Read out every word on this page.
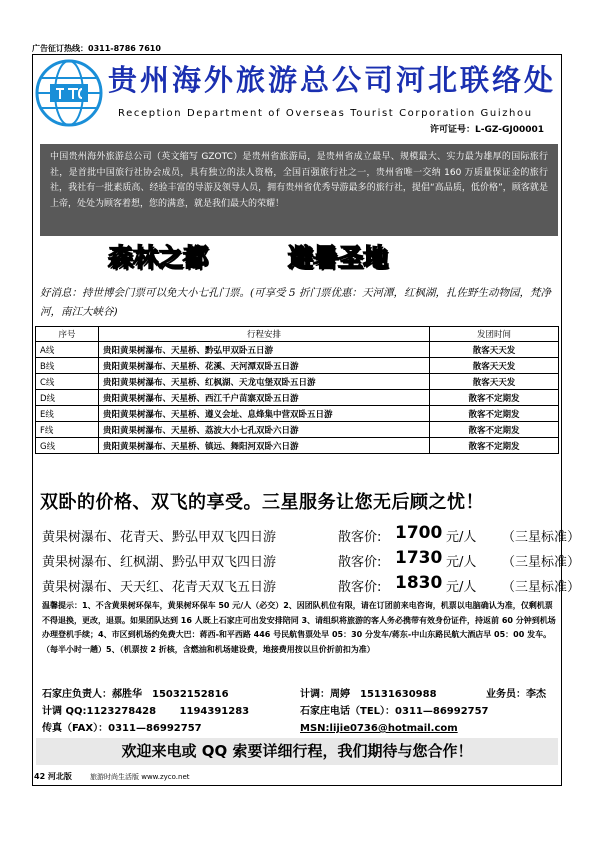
广告征订热线：0311-8786 7610
贵州海外旅游总公司河北联络处
Reception Department of Overseas Tourist Corporation Guizhou
许可证号：L-GZ-GJ00001
中国贵州海外旅游总公司（英文缩写 GZOTC）是贵州省旅游局，是贵州省成立最早、规模最大、实力最为雄厚的国际旅行社，是首批中国旅行社协会成员，具有独立的法人资格，全国百强旅行社之一，贵州省唯一交纳 160 万质量保证金的旅行社，我社有一批素质高、经验丰富的导游及领导人员，拥有贵州省优秀导游最多的旅行社，提倡“高品质，低价格”，顾客就是上帝，处处为顾客着想，您的满意，就是我们最大的荣耀！
森林之都	避暑圣地
好消息：持世博会门票可以免大小七孔门票。(可享受 5 折门票优惠：天河潭，红枫湖，扎佐野生动物园，梵净河，南江大峡谷)
序号	行程安排	发团时间
A线	贵阳黄果树瀑布、天星桥、黔弘甲双卧五日游	散客天天发
B线	贵阳黄果树瀑布、天星桥、花溪、天河潭双卧五日游	散客天天发
C线	贵阳黄果树瀑布、天星桥、红枫湖、天龙屯堡双卧五日游	散客天天发
D线	贵阳黄果树瀑布、天星桥、西江千户苗寨双卧五日游	散客不定期发
E线	贵阳黄果树瀑布、天星桥、遵义会址、息烽集中营双卧五日游	散客不定期发
F线	贵阳黄果树瀑布、天星桥、荔波大小七孔双卧六日游	散客不定期发
G线	贵阳黄果树瀑布、天星桥、镇远、舞阳河双卧六日游	散客不定期发
双卧的价格、双飞的享受。三星服务让您无后顾之忧！
黄果树瀑布、花青天、黔弘甲双飞四日游	散客价: 1700 元/人 （三星标准）
黄果树瀑布、红枫湖、黔弘甲双飞四日游	散客价: 1730 元/人 （三星标准）
黄果树瀑布、天天红、花青天双飞五日游	散客价: 1830 元/人 （三星标准）
温馨提示：1、不含黄果树环保车，黄果树环保车 50 元/人（必交）2、因团队机位有限，请在订团前来电咨询，机票以电脑确认为准，仅剩机票不得退换，更改，退票。如果团队达到 16 人既上石家庄可出发安排陪同 3、请组织将旅游的客人务必携带有效身份证件，持返前 60 分钟到机场办理登机手续；4、市区到机场约免费大巴：蒋西-和平西路 446 号民航售票处早 05：30 分发车/蒋东-中山东路民航大酒店早 05：00 发车。（每半小时一趟）5、（机票按 2 折核，含燃油和机场建设费，地接费用按以旦价折前扣为准）
石家庄负责人：郝胜华　15032152816	计调：周婷　15131630988	业务员：李杰
计调 QQ:1123278428　　 1194391283	石家庄电话（TEL）：0311—86992757
传真（FAX）：0311—86992757	MSN:lijie0736@hotmail.com
欢迎来电或 QQ 索要详细行程，我们期待与您合作！
42 河北版	旅游时尚生活版 www.zyco.net
